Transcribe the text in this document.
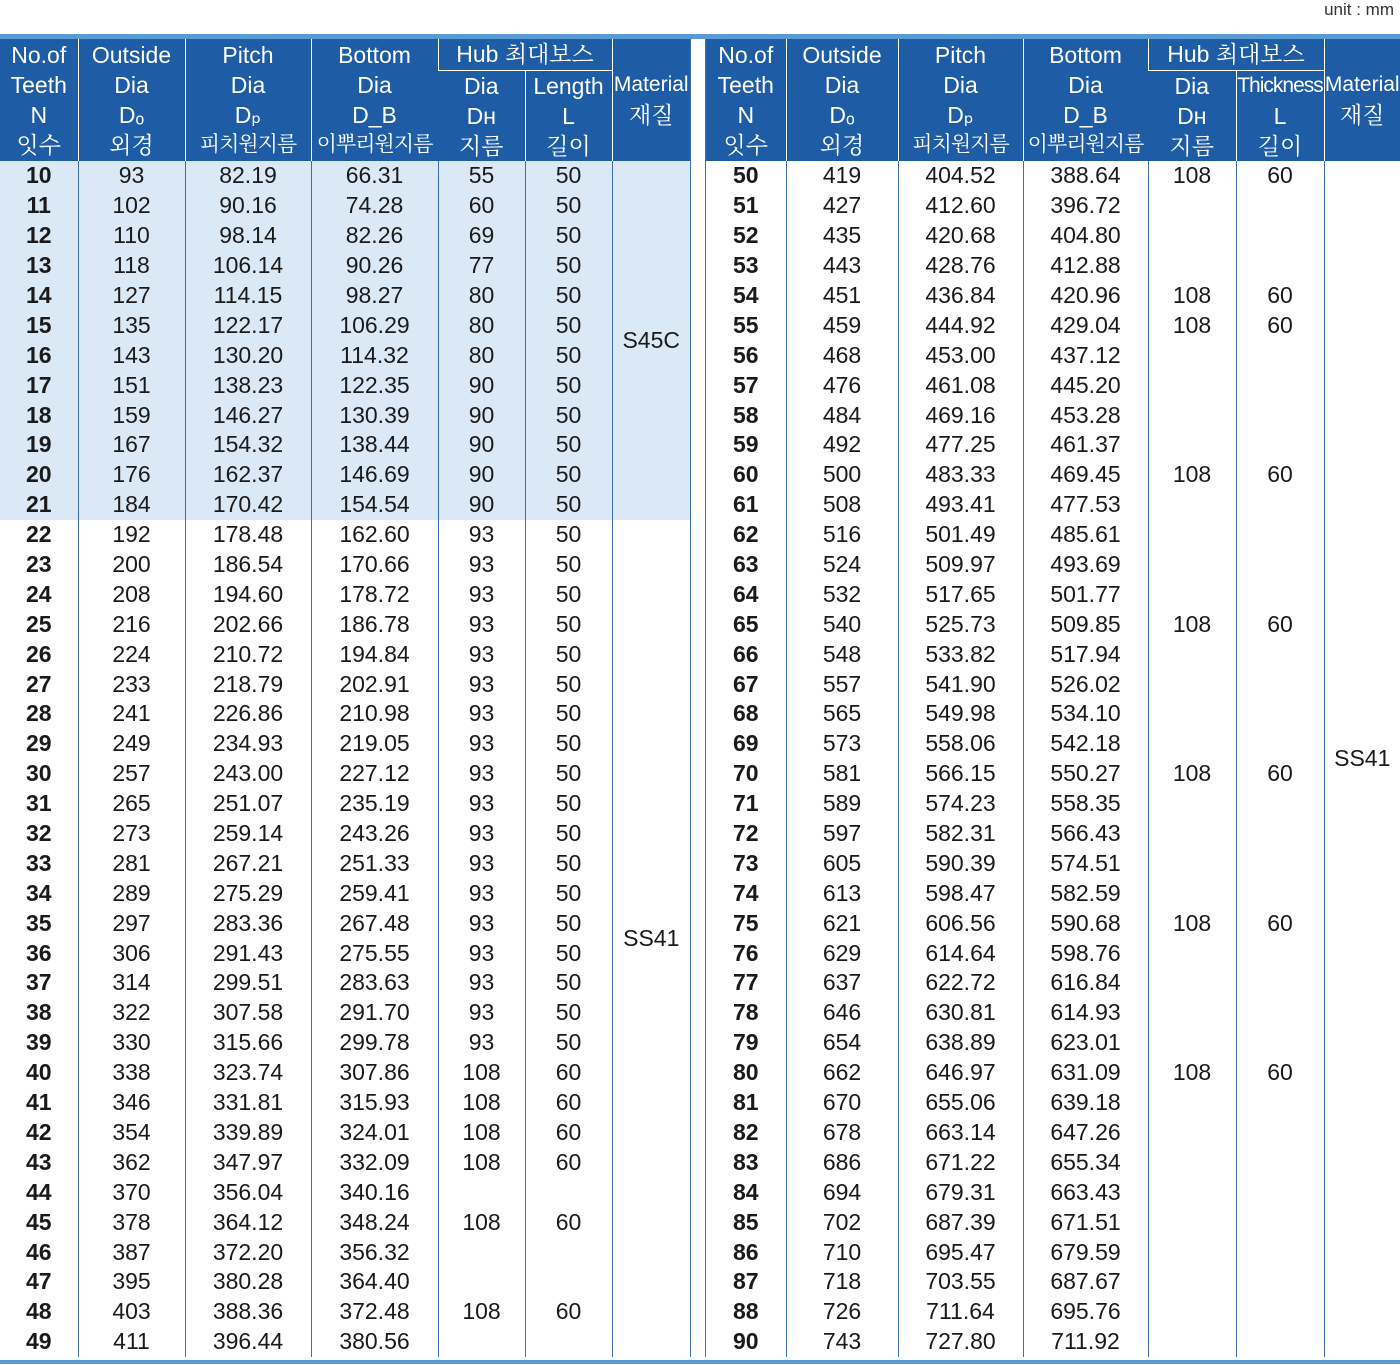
unit : mm
No.of
Teeth
N
잇수	Outside
Dia
Dₒ
외경	Pitch
Dia
Dₚ
피치원지름	Bottom
Dia
D_B
이뿌리원지름	Hub 최대보스		Material
재질

				Dia
Dʜ
지름	Length
L
길이	

10	93	82.19	66.31	55	50	S45C
11	102	90.16	74.28	60	50	
12	110	98.14	82.26	69	50	
13	118	106.14	90.26	77	50	
14	127	114.15	98.27	80	50	
15	135	122.17	106.29	80	50	
16	143	130.20	114.32	80	50	
17	151	138.23	122.35	90	50	
18	159	146.27	130.39	90	50	
19	167	154.32	138.44	90	50	
20	176	162.37	146.69	90	50	
21	184	170.42	154.54	90	50	
22	192	178.48	162.60	93	50	SS41
23	200	186.54	170.66	93	50	
24	208	194.60	178.72	93	50	
25	216	202.66	186.78	93	50	
26	224	210.72	194.84	93	50	
27	233	218.79	202.91	93	50	
28	241	226.86	210.98	93	50	
29	249	234.93	219.05	93	50	
30	257	243.00	227.12	93	50	
31	265	251.07	235.19	93	50	
32	273	259.14	243.26	93	50	
33	281	267.21	251.33	93	50	
34	289	275.29	259.41	93	50	
35	297	283.36	267.48	93	50	
36	306	291.43	275.55	93	50	
37	314	299.51	283.63	93	50	
38	322	307.58	291.70	93	50	
39	330	315.66	299.78	93	50	
40	338	323.74	307.86	108	60	
41	346	331.81	315.93	108	60	
42	354	339.89	324.01	108	60	
43	362	347.97	332.09	108	60	
44	370	356.04	340.16			
45	378	364.12	348.24	108	60	
46	387	372.20	356.32			
47	395	380.28	364.40			
48	403	388.36	372.48	108	60	
49	411	396.44	380.56			
No.of
Teeth
N
잇수	Outside
Dia
Dₒ
외경	Pitch
Dia
Dₚ
피치원지름	Bottom
Dia
D_B
이뿌리원지름	Hub 최대보스		Material
재질

				Dia
Dʜ
지름	Thickness
L
길이	

50	419	404.52	388.64	108	60	SS41
51	427	412.60	396.72			
52	435	420.68	404.80			
53	443	428.76	412.88			
54	451	436.84	420.96	108	60	
55	459	444.92	429.04	108	60	
56	468	453.00	437.12			
57	476	461.08	445.20			
58	484	469.16	453.28			
59	492	477.25	461.37			
60	500	483.33	469.45	108	60	
61	508	493.41	477.53			
62	516	501.49	485.61			
63	524	509.97	493.69			
64	532	517.65	501.77			
65	540	525.73	509.85	108	60	
66	548	533.82	517.94			
67	557	541.90	526.02			
68	565	549.98	534.10			
69	573	558.06	542.18			
70	581	566.15	550.27	108	60	
71	589	574.23	558.35			
72	597	582.31	566.43			
73	605	590.39	574.51			
74	613	598.47	582.59			
75	621	606.56	590.68	108	60	
76	629	614.64	598.76			
77	637	622.72	616.84			
78	646	630.81	614.93			
79	654	638.89	623.01			
80	662	646.97	631.09	108	60	
81	670	655.06	639.18			
82	678	663.14	647.26			
83	686	671.22	655.34			
84	694	679.31	663.43			
85	702	687.39	671.51			
86	710	695.47	679.59			
87	718	703.55	687.67			
88	726	711.64	695.76			
90	743	727.80	711.92			
